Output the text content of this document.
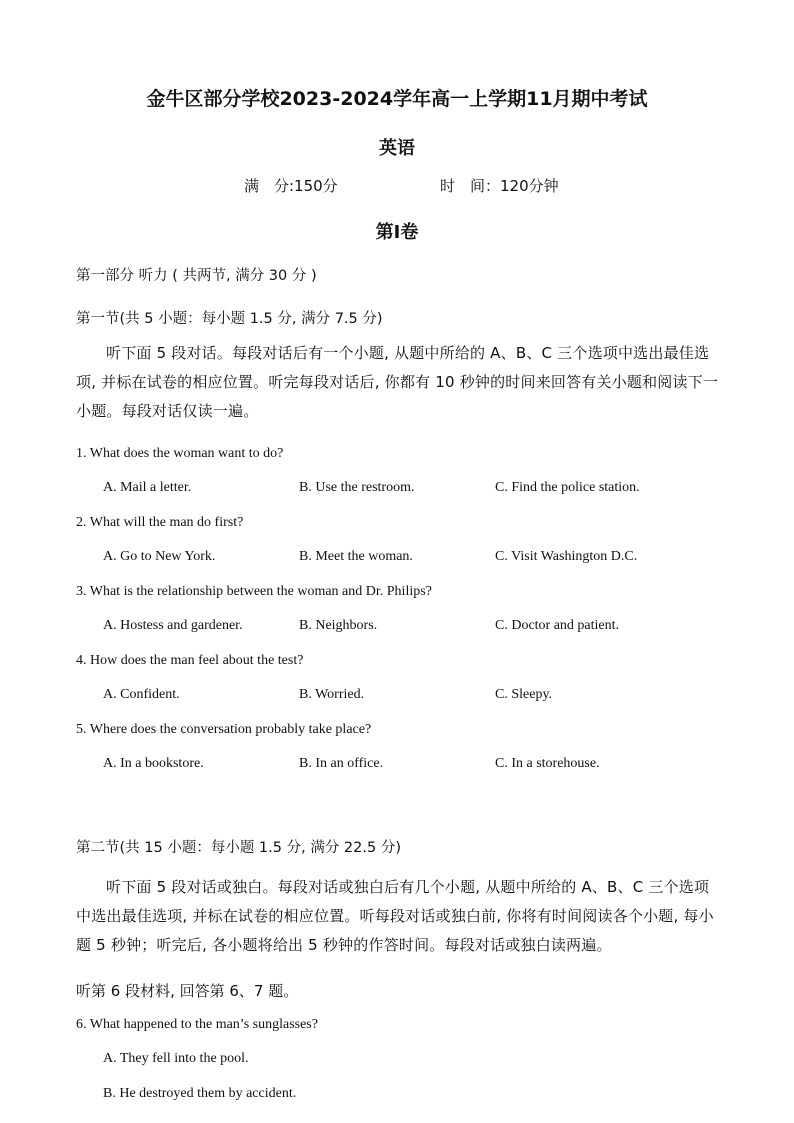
金牛区部分学校2023-2024学年高一上学期11月期中考试
英语
满　分:150分	时　间：120分钟
第Ⅰ卷
第一部分 听力 ( 共两节, 满分 30 分 )
第一节(共 5 小题：每小题 1.5 分, 满分 7.5 分)
听下面 5 段对话。每段对话后有一个小题, 从题中所给的 A、B、C 三个选项中选出最佳选项, 并标在试卷的相应位置。听完每段对话后, 你都有 10 秒钟的时间来回答有关小题和阅读下一小题。每段对话仅读一遍。
1. What does the woman want to do?
A. Mail a letter.	B. Use the restroom.	C. Find the police station.
2. What will the man do first?
A. Go to New York.	B. Meet the woman.	C. Visit Washington D.C.
3. What is the relationship between the woman and Dr. Philips?
A. Hostess and gardener.	B. Neighbors.	C. Doctor and patient.
4. How does the man feel about the test?
A. Confident.	B. Worried.	C. Sleepy.
5. Where does the conversation probably take place?
A. In a bookstore.	B. In an office.	C. In a storehouse.
第二节(共 15 小题：每小题 1.5 分, 满分 22.5 分)
听下面 5 段对话或独白。每段对话或独白后有几个小题, 从题中所给的 A、B、C 三个选项中选出最佳选项, 并标在试卷的相应位置。听每段对话或独白前, 你将有时间阅读各个小题, 每小题 5 秒钟；听完后, 各小题将给出 5 秒钟的作答时间。每段对话或独白读两遍。
听第 6 段材料, 回答第 6、7 题。
6. What happened to the man’s sunglasses?
A. They fell into the pool.
B. He destroyed them by accident.
